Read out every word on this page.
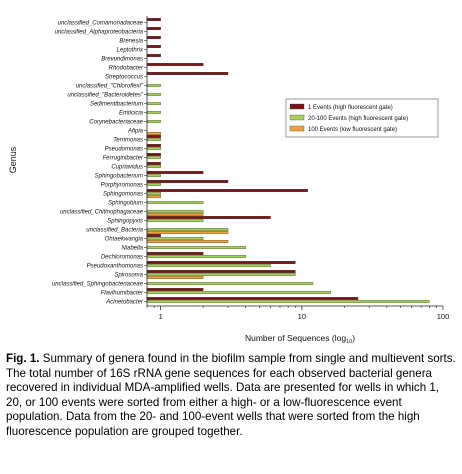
unclassified_Comamonadaceae
unclassified_Alphaproteobacteria
Brenesia
Leptothrix
Brevundimonas
Rhodobacter
Streptococcus
unclassified_"Chloroflexi"
unclassified_"Bacteroidetes"
Sedimentibacterium
Emticicia
Corynebacteriaceae
Afipia
Terrimonas
Pseudomonas
Ferruginibacter
Cupriavidus
Sphingobacterium
Porphyromonas
Sphingomonas
Sphingobium
unclassified_Chitinophagaceae
Sphingopyxis
unclassified_Bacteria
Ohtaekwangia
Niabella
Dechloromonas
Pseudoxanthomonas
Spirosoma
unclassified_Sphingobacteriaceae
Flavihumibacter
Acinetobacter
1	10	100
1 Events (high fluorescent gate)
20-100 Events (high fluorescent gate)
100 Events (low fluorescent gate)
Genus
Number of Sequences $(\log_{10})$
Fig. 1. Summary of genera found in the biofilm sample from single and multievent sorts. The total number of 16S rRNA gene sequences for each observed bacterial genera recovered in individual MDA-amplified wells. Data are presented for wells in which 1, 20, or 100 events were sorted from either a high- or a low-fluorescence event population. Data from the 20- and 100-event wells that were sorted from the high fluorescence population are grouped together.
